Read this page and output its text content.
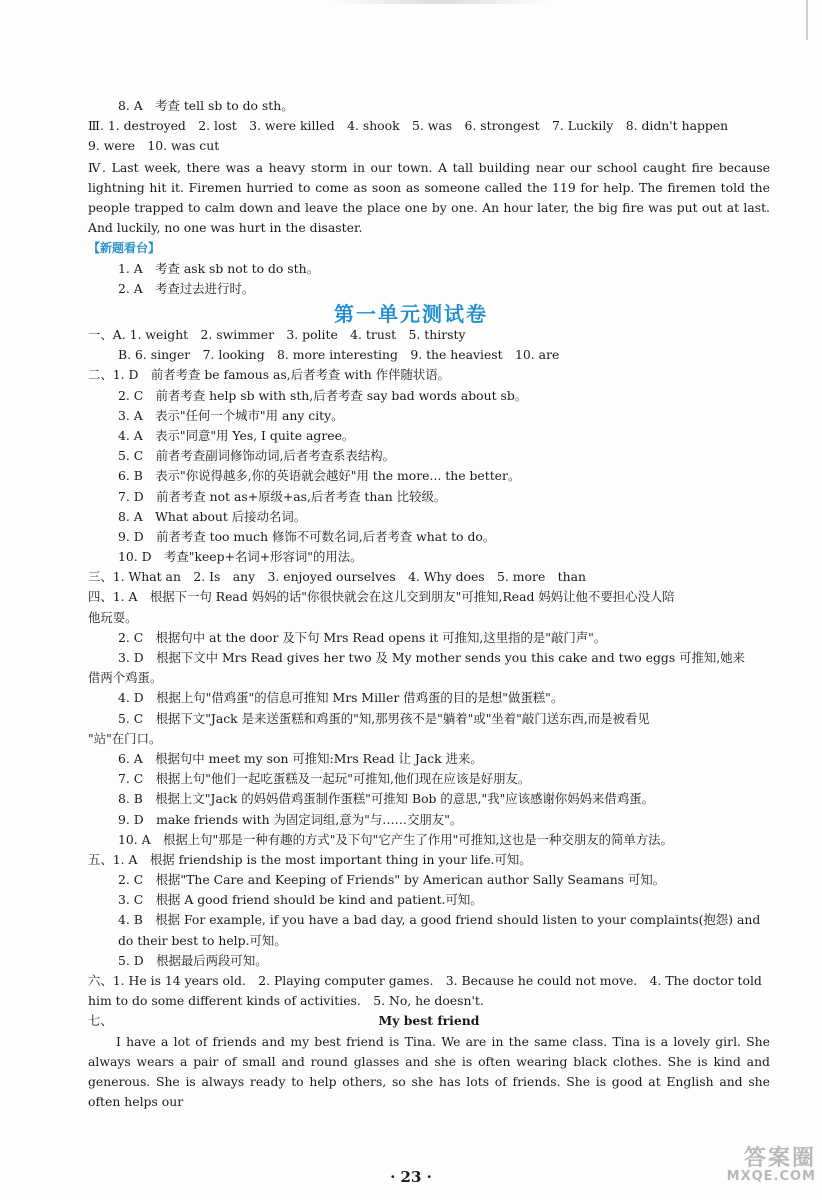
8. A　考查 tell sb to do sth。
Ⅲ. 1. destroyed　2. lost　3. were killed　4. shook　5. was　6. strongest　7. Luckily　8. didn't happen
9. were　10. was cut
Ⅳ. Last week, there was a heavy storm in our town. A tall building near our school caught fire because lightning hit it. Firemen hurried to come as soon as someone called the 119 for help. The firemen told the people trapped to calm down and leave the place one by one. An hour later, the big fire was put out at last. And luckily, no one was hurt in the disaster.
【新题看台】
1. A　考查 ask sb not to do sth。
2. A　考查过去进行时。
第一单元测试卷
一、A. 1. weight　2. swimmer　3. polite　4. trust　5. thirsty
B. 6. singer　7. looking　8. more interesting　9. the heaviest　10. are
二、1. D　前者考查 be famous as,后者考查 with 作伴随状语。
2. C　前者考查 help sb with sth,后者考查 say bad words about sb。
3. A　表示"任何一个城市"用 any city。
4. A　表示"同意"用 Yes, I quite agree。
5. C　前者考查副词修饰动词,后者考查系表结构。
6. B　表示"你说得越多,你的英语就会越好"用 the more... the better。
7. D　前者考查 not as+原级+as,后者考查 than 比较级。
8. A　What about 后接动名词。
9. D　前者考查 too much 修饰不可数名词,后者考查 what to do。
10. D　考查"keep+名词+形容词"的用法。
三、1. What an　2. Is　any　3. enjoyed ourselves　4. Why does　5. more　than
四、1. A　根据下一句 Read 妈妈的话"你很快就会在这儿交到朋友"可推知,Read 妈妈让他不要担心没人陪
他玩耍。
2. C　根据句中 at the door 及下句 Mrs Read opens it 可推知,这里指的是"敲门声"。
3. D　根据下文中 Mrs Read gives her two 及 My mother sends you this cake and two eggs 可推知,她来
借两个鸡蛋。
4. D　根据上句"借鸡蛋"的信息可推知 Mrs Miller 借鸡蛋的目的是想"做蛋糕"。
5. C　根据下文"Jack 是来送蛋糕和鸡蛋的"知,那男孩不是"躺着"或"坐着"敲门送东西,而是被看见
"站"在门口。
6. A　根据句中 meet my son 可推知:Mrs Read 让 Jack 进来。
7. C　根据上句"他们一起吃蛋糕及一起玩"可推知,他们现在应该是好朋友。
8. B　根据上文"Jack 的妈妈借鸡蛋制作蛋糕"可推知 Bob 的意思,"我"应该感谢你妈妈来借鸡蛋。
9. D　make friends with 为固定词组,意为"与……交朋友"。
10. A　根据上句"那是一种有趣的方式"及下句"它产生了作用"可推知,这也是一种交朋友的简单方法。
五、1. A　根据 friendship is the most important thing in your life.可知。
2. C　根据"The Care and Keeping of Friends" by American author Sally Seamans 可知。
3. C　根据 A good friend should be kind and patient.可知。
4. B　根据 For example, if you have a bad day, a good friend should listen to your complaints(抱怨) and
do their best to help.可知。
5. D　根据最后两段可知。
六、1. He is 14 years old.　2. Playing computer games.　3. Because he could not move.　4. The doctor told
him to do some different kinds of activities.　5. No, he doesn't.
七、	My best friend
I have a lot of friends and my best friend is Tina. We are in the same class. Tina is a lovely girl. She always wears a pair of small and round glasses and she is often wearing black clothes. She is kind and generous. She is always ready to help others, so she has lots of friends. She is good at English and she often helps our
· 23 ·
答案圈
MXQE.COM
